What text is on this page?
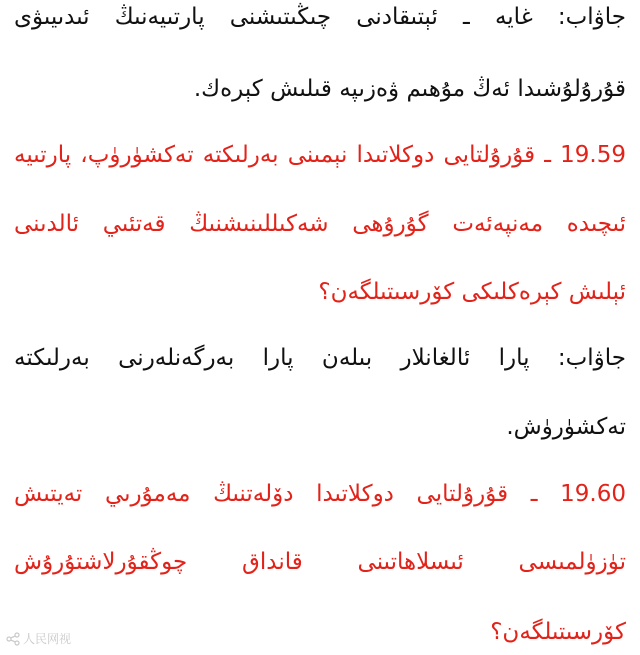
جاۋاب: غايە ـ ئېتىقادنى چىڭىتىشنى پارتىيەنىڭ ئىدىيىۋى
قۇرۇلۇشىدا ئەڭ مۇھىم ۋەزىپە قىلىش كېرەك.
19.59 ـ قۇرۇلتايى دوكلاتىدا نېمىنى بەرلىكتە تەكشۈرۈپ، پارتىيە
ئىچىدە مەنپەئەت گۇرۇھى شەكىللىنىشنىڭ قەتئىي ئالدىنى
ئېلىش كېرەكلىكى كۆرسىتىلگەن؟
جاۋاب: پارا ئالغانلار بىلەن پارا بەرگەنلەرنى بەرلىكتە
تەكشۈرۈش.
19.60 ـ قۇرۇلتايى دوكلاتىدا دۆلەتنىڭ مەمۇرىي تەيتىش
تۈزۈلمىسى ئىسلاھاتىنى قانداق چوڭقۇرلاشتۇرۇش
كۆرسىتىلگەن؟
人民网视
